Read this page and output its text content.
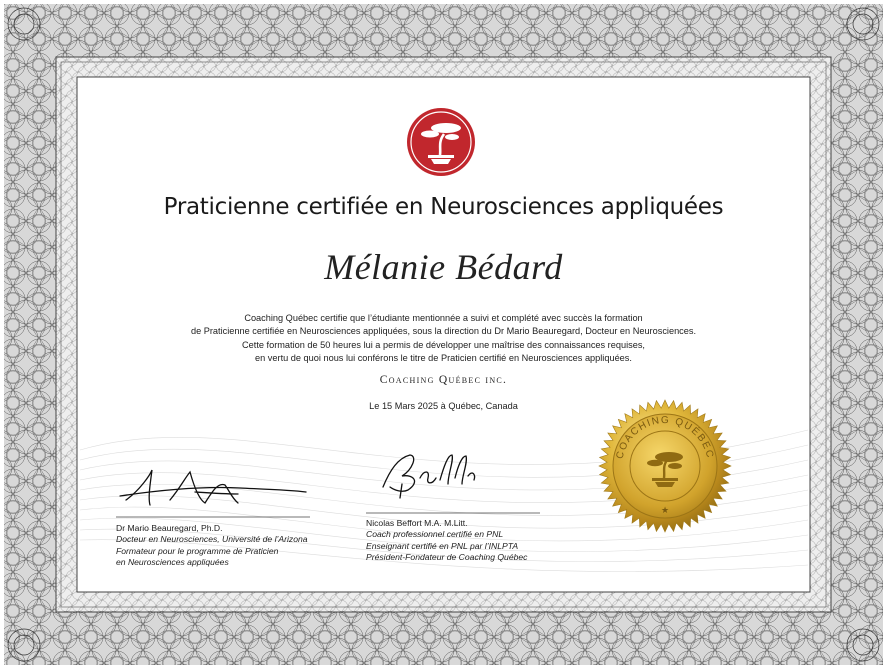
COACHING QUÉBEC
★
Praticienne certifiée en Neurosciences appliquées
Mélanie Bédard
Coaching Québec certifie que l’étudiante mentionnée a suivi et complété avec succès la formation
de Praticienne certifiée en Neurosciences appliquées, sous la direction du Dr Mario Beauregard, Docteur en Neurosciences.
Cette formation de 50 heures lui a permis de développer une maîtrise des connaissances requises,
en vertu de quoi nous lui conférons le titre de Praticien certifié en Neurosciences appliquées.
Coaching Québec inc.
Le 15 Mars 2025 à Québec, Canada
Dr Mario Beauregard, Ph.D.
Docteur en Neurosciences, Université de l’Arizona
Formateur pour le programme de Praticien
en Neurosciences appliquées
Nicolas Beffort M.A. M.Litt.
Coach professionnel certifié en PNL
Enseignant certifié en PNL par l’INLPTA
Président-Fondateur de Coaching Québec
